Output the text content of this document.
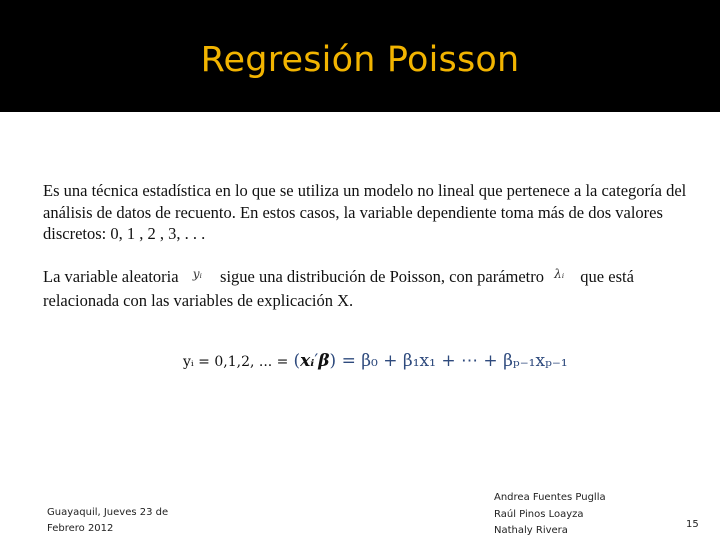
Regresión Poisson
Es una técnica estadística en lo que se utiliza un modelo no lineal que pertenece a la categoría del análisis de datos de recuento. En estos casos, la variable dependiente toma más de dos valores discretos: 0, 1 , 2 , 3, . . .
La variable aleatoria $^{yᵢ}$ sigue una distribución de Poisson, con parámetro $^{\lambda ᵢ}$ que está relacionada con las variables de explicación X.
yᵢ = 0,1,2, ... = (xᵢ′β) = β₀ + β₁x₁ + ⋯ + βₚ₋₁xₚ₋₁
Guayaquil, Jueves 23 de
Febrero 2012
Andrea Fuentes Puglla
Raúl Pinos Loayza
Nathaly Rivera
15
